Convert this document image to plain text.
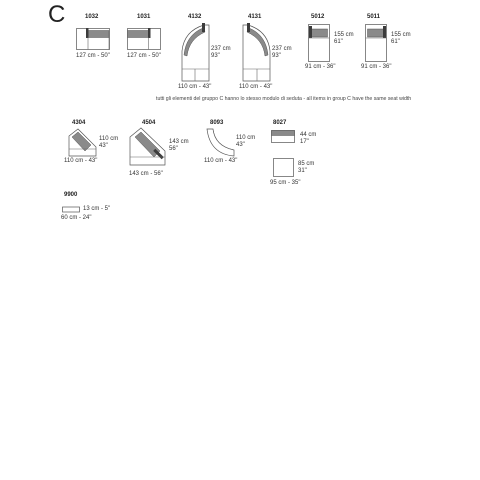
C	1032
127 cm - 50"
1031
127 cm - 50"
4132
237 cm
93"
110 cm - 43"
4131
237 cm
93"
110 cm - 43"
5012
155 cm
61"
91 cm - 36"
5011
155 cm
61"
91 cm - 36"
tutti gli elementi del gruppo C hanno lo stesso modulo di seduta - all items in group C have the same seat width
4304
110 cm
43"
110 cm - 43"
4504
143 cm
56"
143 cm - 56"
8093
110 cm
43"
110 cm - 43"
8027
44 cm
17"
85 cm
31"
95 cm - 35"
9900
13 cm - 5"
60 cm - 24"
